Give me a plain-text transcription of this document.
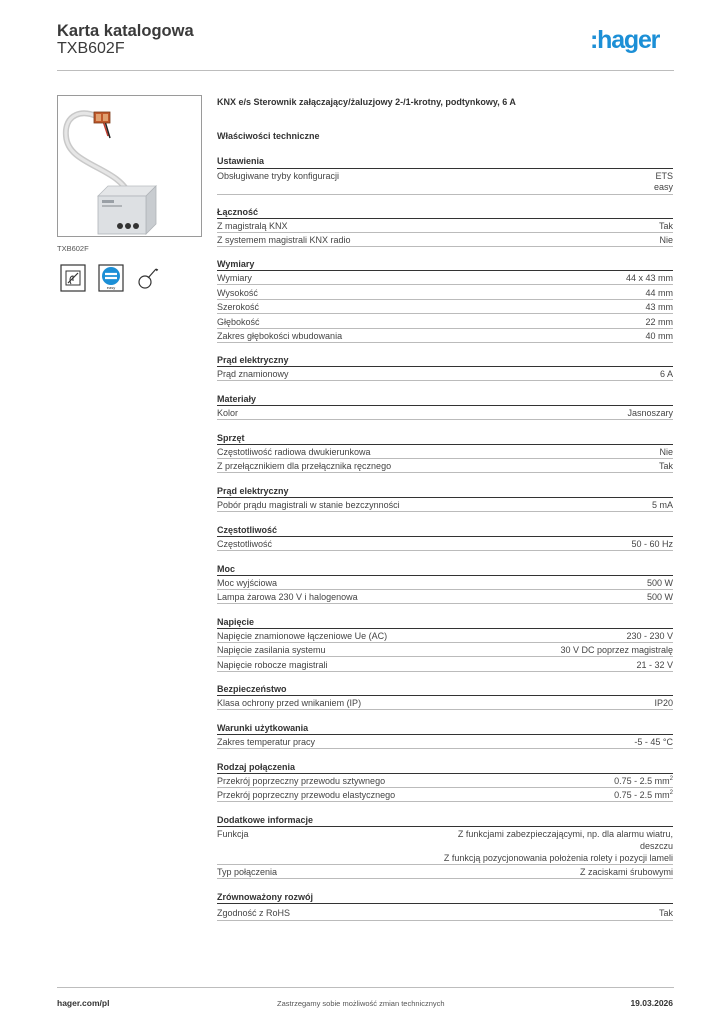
Karta katalogowa
TXB602F	:hager
TXB602F
easy
KNX e/s Sterownik załączający/żaluzjowy 2-/1-krotny, podtynkowy, 6 A
Właściwości techniczne
Ustawienia
Obsługiwane tryby konfiguracji	ETS
easy
Łączność
Z magistralą KNX	Tak
Z systemem magistrali KNX radio	Nie
Wymiary
Wymiary	44 x 43 mm
Wysokość	44 mm
Szerokość	43 mm
Głębokość	22 mm
Zakres głębokości wbudowania	40 mm
Prąd elektryczny
Prąd znamionowy	6 A
Materiały
Kolor	Jasnoszary
Sprzęt
Częstotliwość radiowa dwukierunkowa	Nie
Z przełącznikiem dla przełącznika ręcznego	Tak
Prąd elektryczny
Pobór prądu magistrali w stanie bezczynności	5 mA
Częstotliwość
Częstotliwość	50 - 60 Hz
Moc
Moc wyjściowa	500 W
Lampa żarowa 230 V i halogenowa	500 W
Napięcie
Napięcie znamionowe łączeniowe Ue (AC)	230 - 230 V
Napięcie zasilania systemu	30 V DC poprzez magistralę
Napięcie robocze magistrali	21 - 32 V
Bezpieczeństwo
Klasa ochrony przed wnikaniem (IP)	IP20
Warunki użytkowania
Zakres temperatur pracy	-5 - 45 °C
Rodzaj połączenia
Przekrój poprzeczny przewodu sztywnego	0.75 - 2.5 $mm^2$
Przekrój poprzeczny przewodu elastycznego	0.75 - 2.5 $mm^2$
Dodatkowe informacje
Funkcja	Z funkcjami zabezpieczającymi, np. dla alarmu wiatru,
deszczu
Z funkcją pozycjonowania położenia rolety i pozycji lameli
Typ połączenia	Z zaciskami śrubowymi
Zrównoważony rozwój
Zgodność z RoHS	Tak
hager.com/pl	Zastrzegamy sobie możliwość zmian technicznych	19.03.2026
